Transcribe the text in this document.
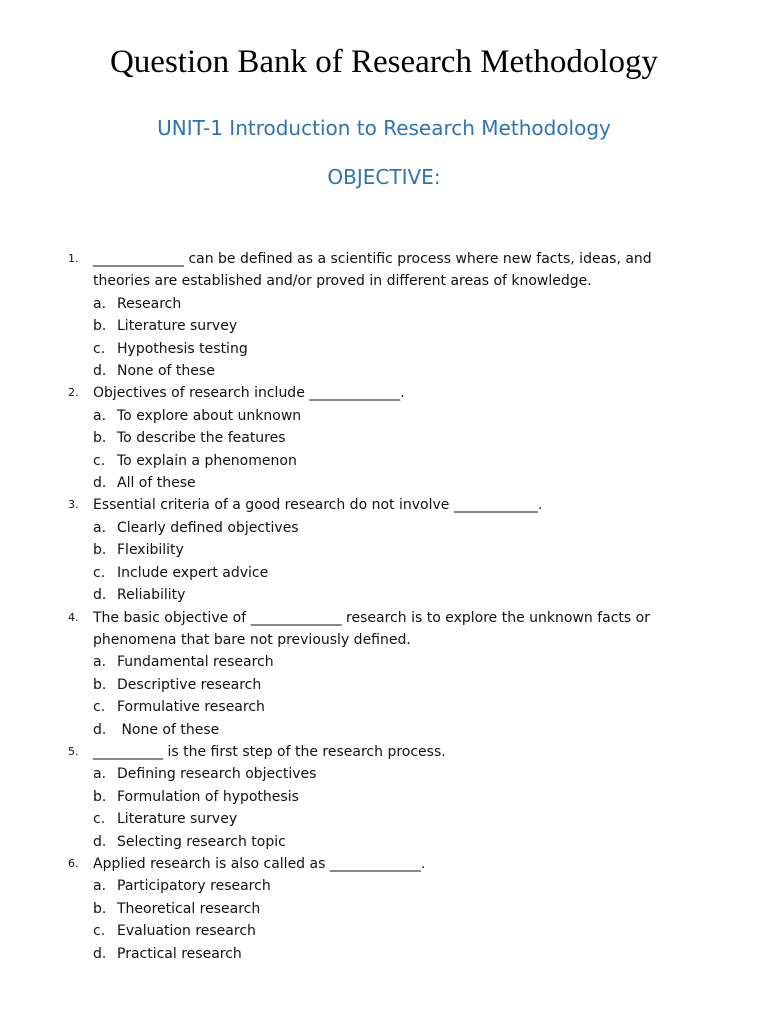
Question Bank of Research Methodology
UNIT-1 Introduction to Research Methodology
OBJECTIVE:
1. _____________ can be defined as a scientific process where new facts, ideas, and theories are established and/or proved in different areas of knowledge.
a. Research
b. Literature survey
c. Hypothesis testing
d. None of these
2. Objectives of research include _____________.
a. To explore about unknown
b. To describe the features
c. To explain a phenomenon
d. All of these
3. Essential criteria of a good research do not involve ____________.
a. Clearly defined objectives
b. Flexibility
c. Include expert advice
d. Reliability
4. The basic objective of _____________ research is to explore the unknown facts or phenomena that bare not previously defined.
a. Fundamental research
b. Descriptive research
c. Formulative research
d. None of these
5. __________ is the first step of the research process.
a. Defining research objectives
b. Formulation of hypothesis
c. Literature survey
d. Selecting research topic
6. Applied research is also called as _____________.
a. Participatory research
b. Theoretical research
c. Evaluation research
d. Practical research
